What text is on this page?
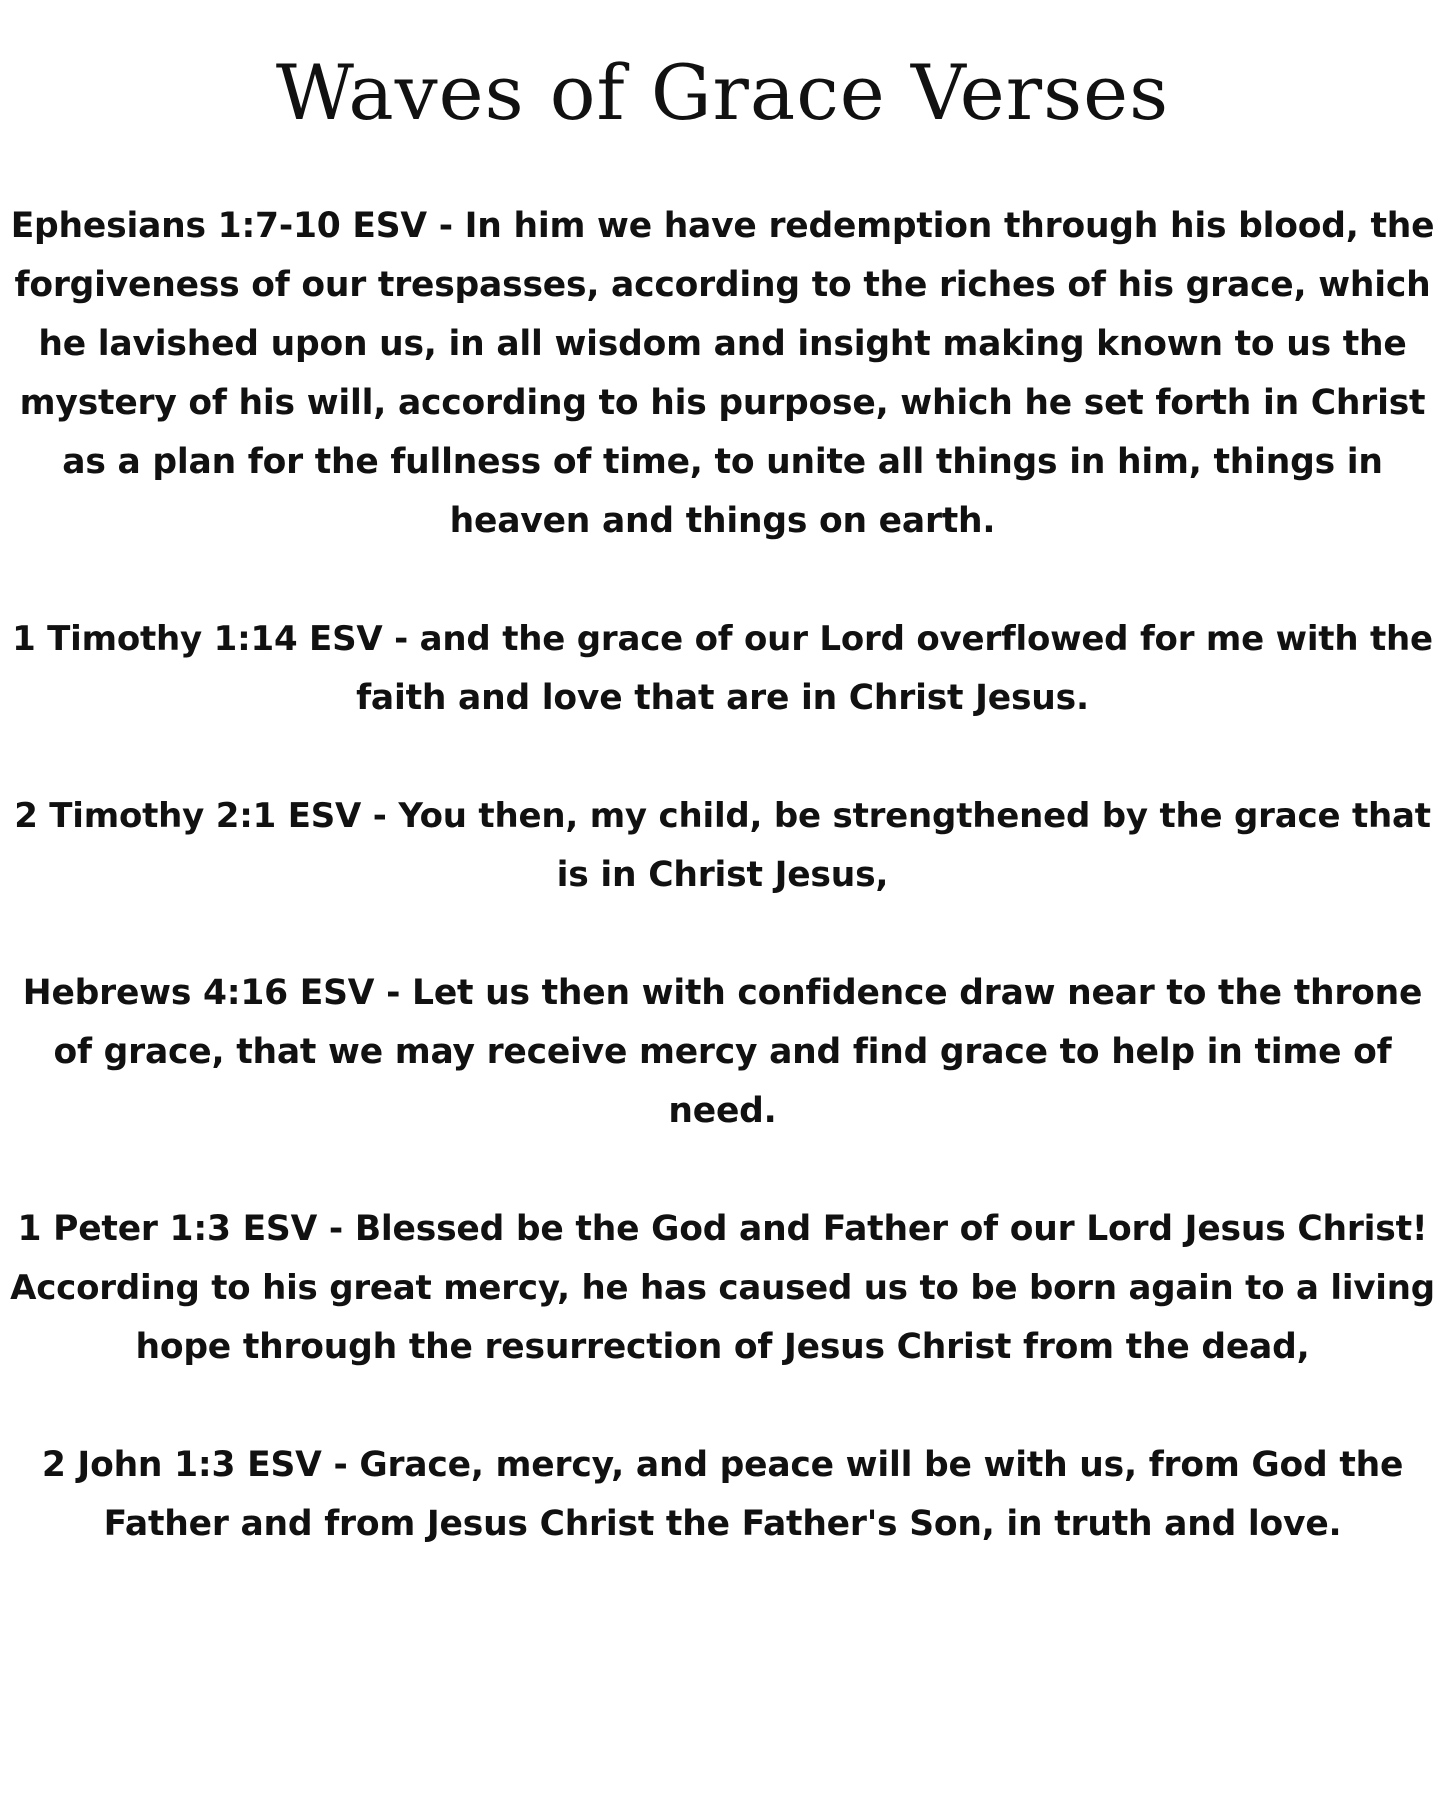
Waves of Grace Verses

Ephesians 1:7-10 ESV - In him we have redemption through his blood, the
forgiveness of our trespasses, according to the riches of his grace, which
he lavished upon us, in all wisdom and insight making known to us the
mystery of his will, according to his purpose, which he set forth in Christ
as a plan for the fullness of time, to unite all things in him, things in
heaven and things on earth.

1 Timothy 1:14 ESV - and the grace of our Lord overflowed for me with the
faith and love that are in Christ Jesus.

2 Timothy 2:1 ESV - You then, my child, be strengthened by the grace that
is in Christ Jesus,

Hebrews 4:16 ESV - Let us then with confidence draw near to the throne
of grace, that we may receive mercy and find grace to help in time of
need.

1 Peter 1:3 ESV - Blessed be the God and Father of our Lord Jesus Christ!
According to his great mercy, he has caused us to be born again to a living
hope through the resurrection of Jesus Christ from the dead,

2 John 1:3 ESV - Grace, mercy, and peace will be with us, from God the
Father and from Jesus Christ the Father's Son, in truth and love.
